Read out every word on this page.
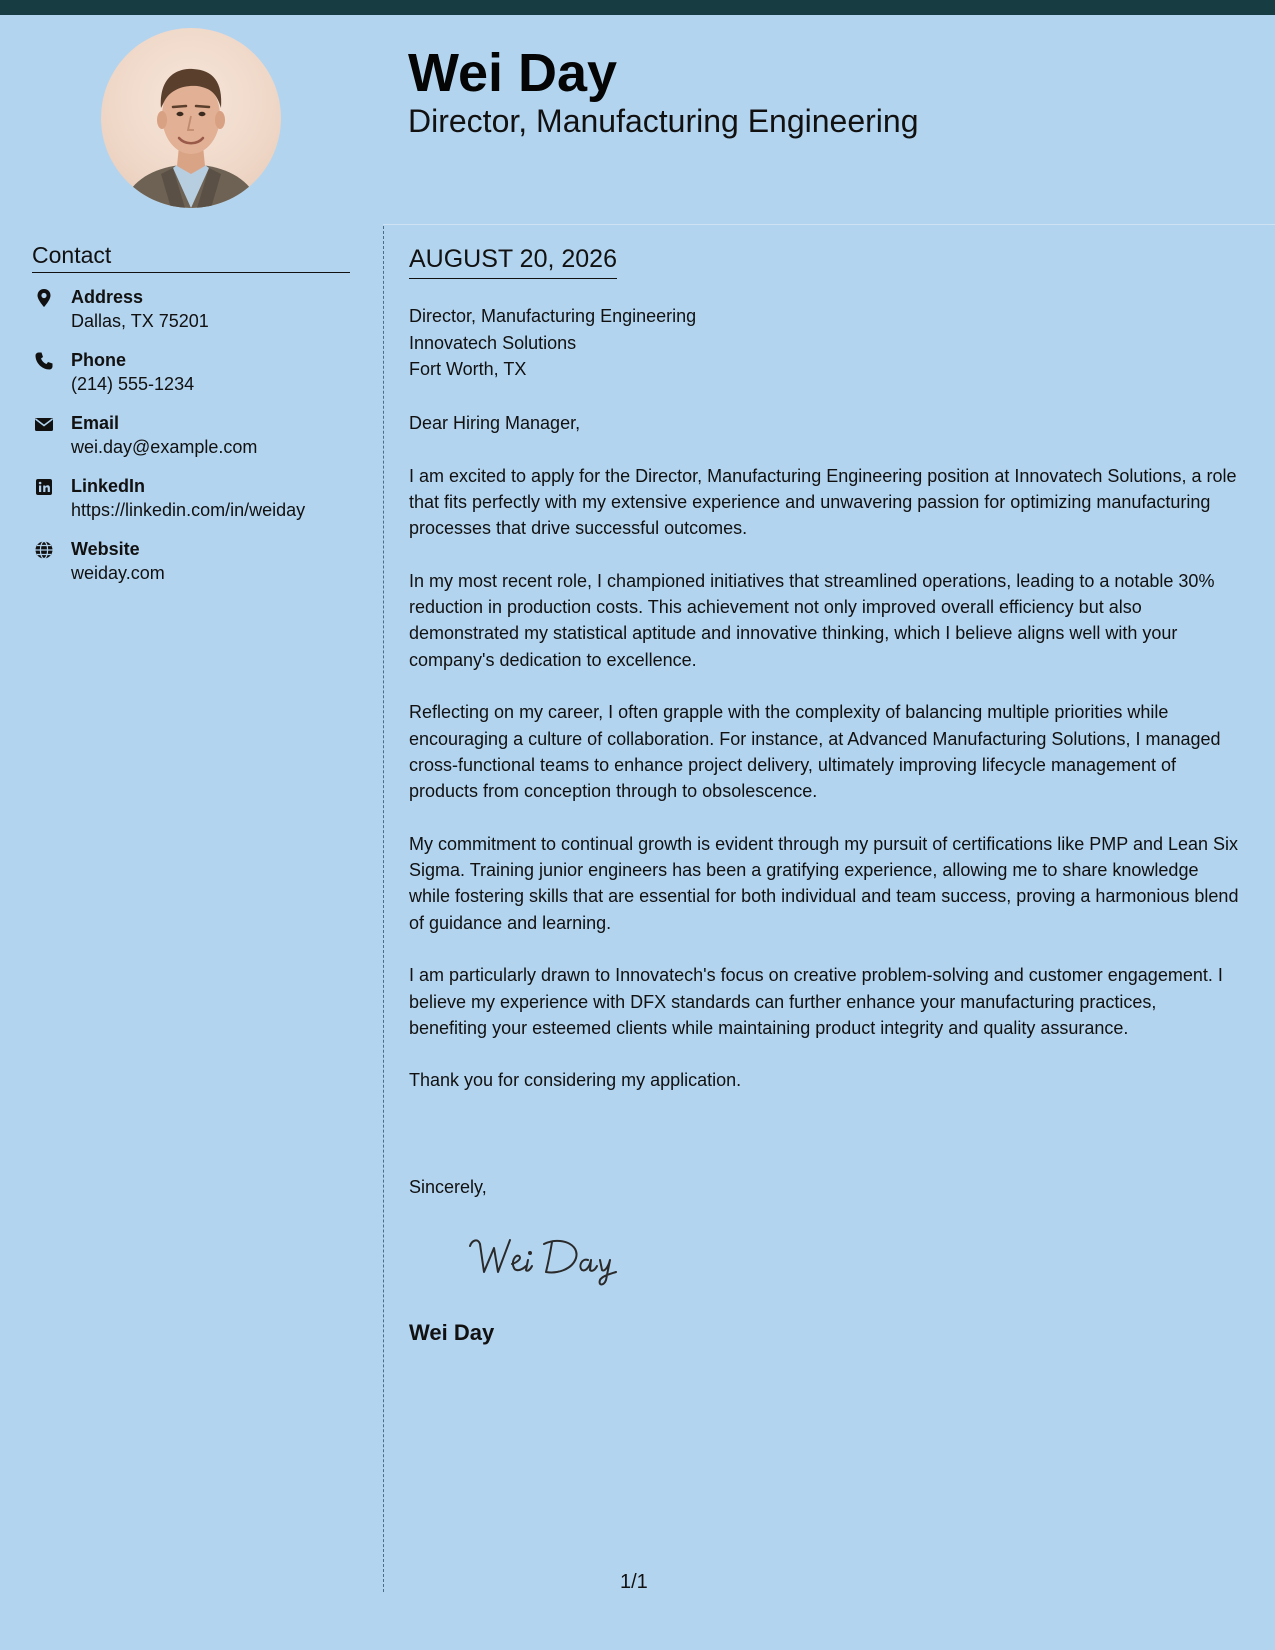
Wei Day
Director, Manufacturing Engineering
Contact
Address
Dallas, TX 75201
Phone
(214) 555-1234
Email
wei.day@example.com
LinkedIn
https://linkedin.com/in/weiday
Website
weiday.com
AUGUST 20, 2026
Director, Manufacturing Engineering
Innovatech Solutions
Fort Worth, TX

Dear Hiring Manager,

I am excited to apply for the Director, Manufacturing Engineering position at Innovatech Solutions, a role that fits perfectly with my extensive experience and unwavering passion for optimizing manufacturing processes that drive successful outcomes.

In my most recent role, I championed initiatives that streamlined operations, leading to a notable 30% reduction in production costs. This achievement not only improved overall efficiency but also demonstrated my statistical aptitude and innovative thinking, which I believe aligns well with your company's dedication to excellence.

Reflecting on my career, I often grapple with the complexity of balancing multiple priorities while encouraging a culture of collaboration. For instance, at Advanced Manufacturing Solutions, I managed cross-functional teams to enhance project delivery, ultimately improving lifecycle management of products from conception through to obsolescence.

My commitment to continual growth is evident through my pursuit of certifications like PMP and Lean Six Sigma. Training junior engineers has been a gratifying experience, allowing me to share knowledge while fostering skills that are essential for both individual and team success, proving a harmonious blend of guidance and learning.

I am particularly drawn to Innovatech's focus on creative problem-solving and customer engagement. I believe my experience with DFX standards can further enhance your manufacturing practices, benefiting your esteemed clients while maintaining product integrity and quality assurance.

Thank you for considering my application.

Sincerely,
Wei Day
1/1
